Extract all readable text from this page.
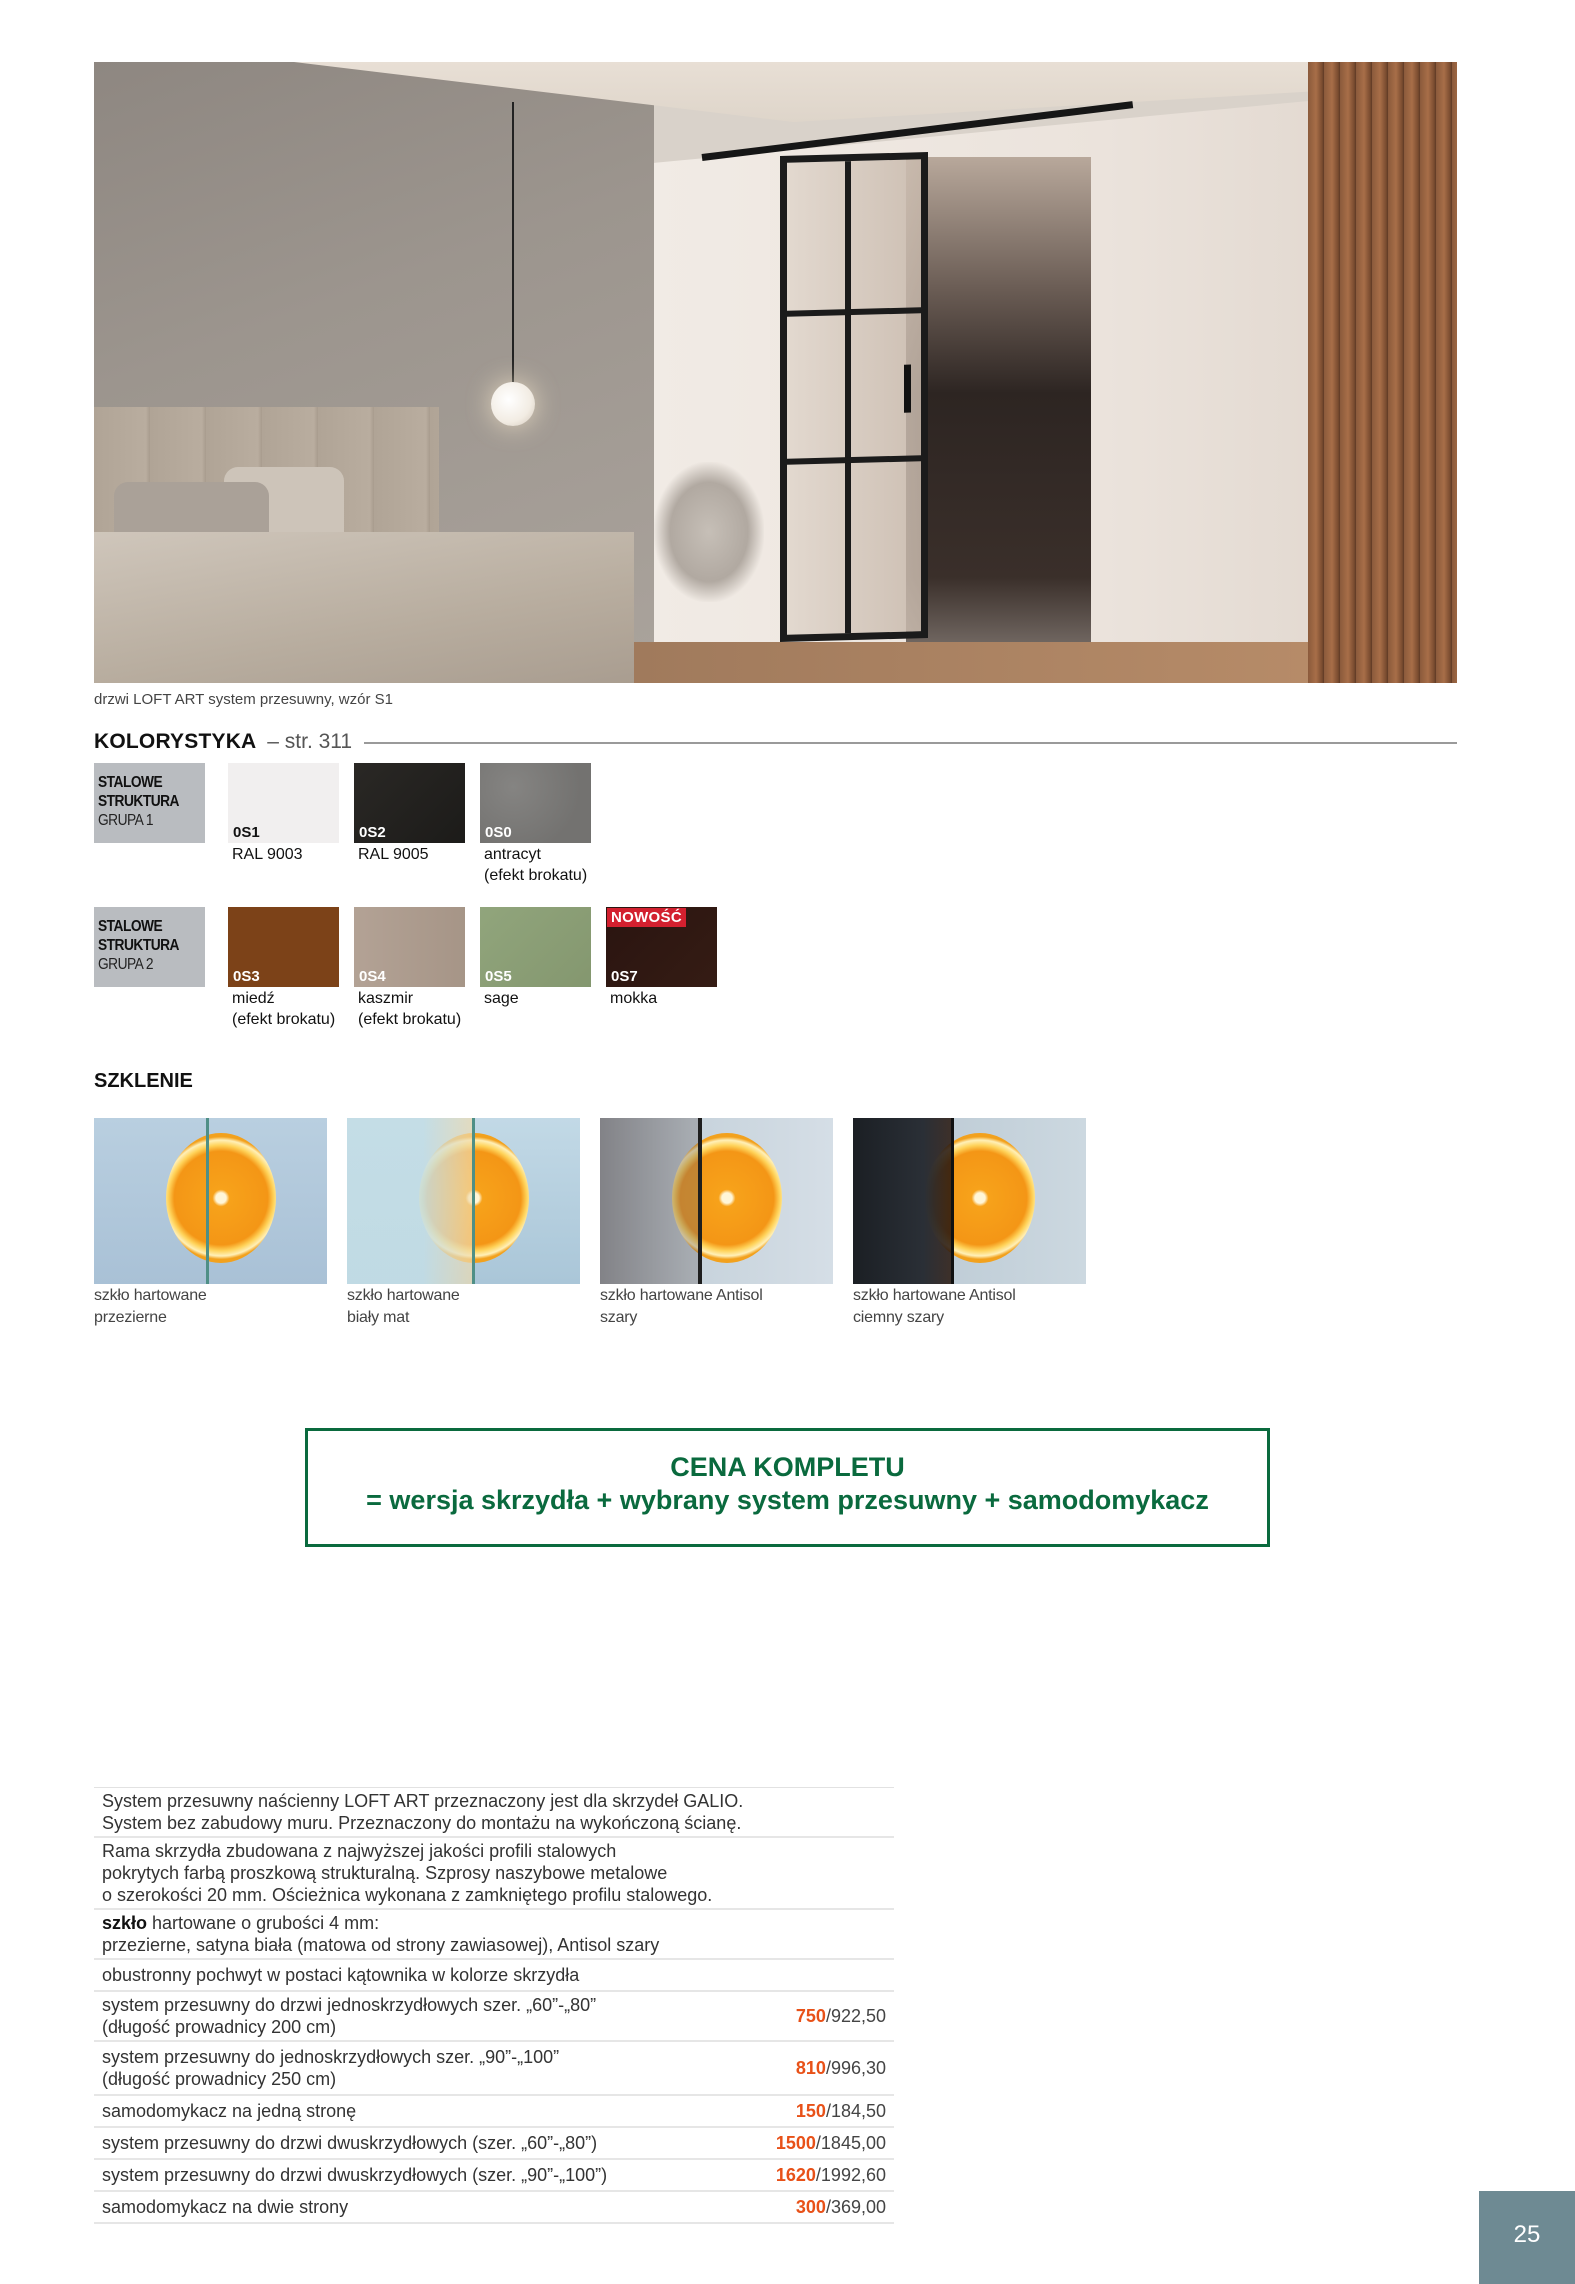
drzwi LOFT ART system przesuwny, wzór S1
KOLORYSTYKA – str. 311
STALOWE
STRUKTURA
GRUPA 1
0S1
RAL 9003
0S2
RAL 9005
0S0
antracyt
(efekt brokatu)
STALOWE
STRUKTURA
GRUPA 2
0S3
miedź
(efekt brokatu)
0S4
kaszmir
(efekt brokatu)
0S5
sage
NOWOŚĆ
0S7
mokka
SZKLENIE
szkło hartowane
przezierne
szkło hartowane
biały mat
szkło hartowane Antisol
szary
szkło hartowane Antisol
ciemny szary
CENA KOMPLETU
= wersja skrzydła + wybrany system przesuwny + samodomykacz
System przesuwny naścienny LOFT ART przeznaczony jest dla skrzydeł GALIO.
System bez zabudowy muru. Przeznaczony do montażu na wykończoną ścianę.
Rama skrzydła zbudowana z najwyższej jakości profili stalowych
pokrytych farbą proszkową strukturalną. Szprosy naszybowe metalowe
o szerokości 20 mm. Ościeżnica wykonana z zamkniętego profilu stalowego.
szkło hartowane o grubości 4 mm:
przezierne, satyna biała (matowa od strony zawiasowej), Antisol szary
obustronny pochwyt w postaci kątownika w kolorze skrzydła
system przesuwny do drzwi jednoskrzydłowych szer. „60”-„80”
(długość prowadnicy 200 cm)
750/922,50
system przesuwny do jednoskrzydłowych szer. „90”-„100”
(długość prowadnicy 250 cm)
810/996,30
samodomykacz na jedną stronę	150/184,50
system przesuwny do drzwi dwuskrzydłowych (szer. „60”-„80”)	1500/1845,00
system przesuwny do drzwi dwuskrzydłowych (szer. „90”-„100”)	1620/1992,60
samodomykacz na dwie strony	300/369,00
25
